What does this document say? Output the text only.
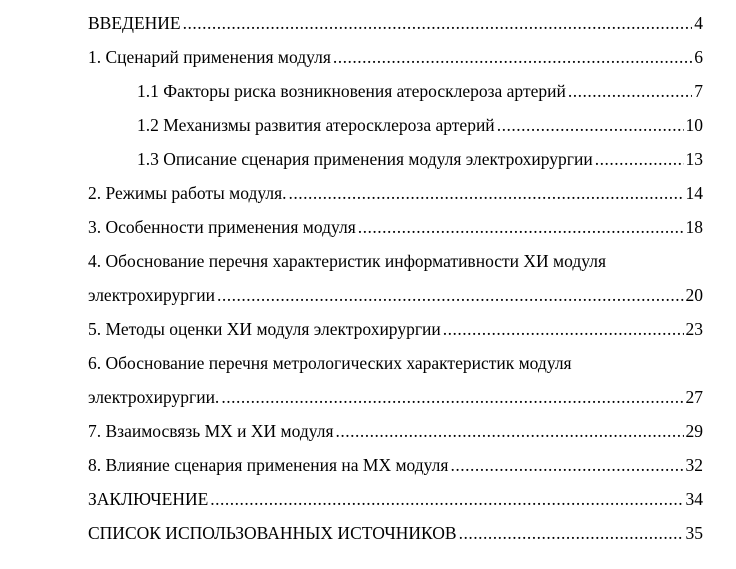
ВВЕДЕНИЕ .....	4
1. Сценарий применения модуля .....	6
1.1 Факторы риска возникновения атеросклероза артерий .....	7
1.2 Механизмы развития атеросклероза артерий .....	10
1.3 Описание сценария применения модуля электрохирургии .....	13
2. Режимы работы модуля. .....	14
3. Особенности применения модуля .....	18
4. Обоснование перечня характеристик информативности ХИ модуля
электрохирургии .....	20
5. Методы оценки ХИ модуля электрохирургии .....	23
6. Обоснование перечня метрологических характеристик модуля
электрохирургии. .....	27
7. Взаимосвязь МХ и ХИ модуля .....	29
8. Влияние сценария применения на МХ модуля .....	32
ЗАКЛЮЧЕНИЕ .....	34
СПИСОК ИСПОЛЬЗОВАННЫХ ИСТОЧНИКОВ .....	35
